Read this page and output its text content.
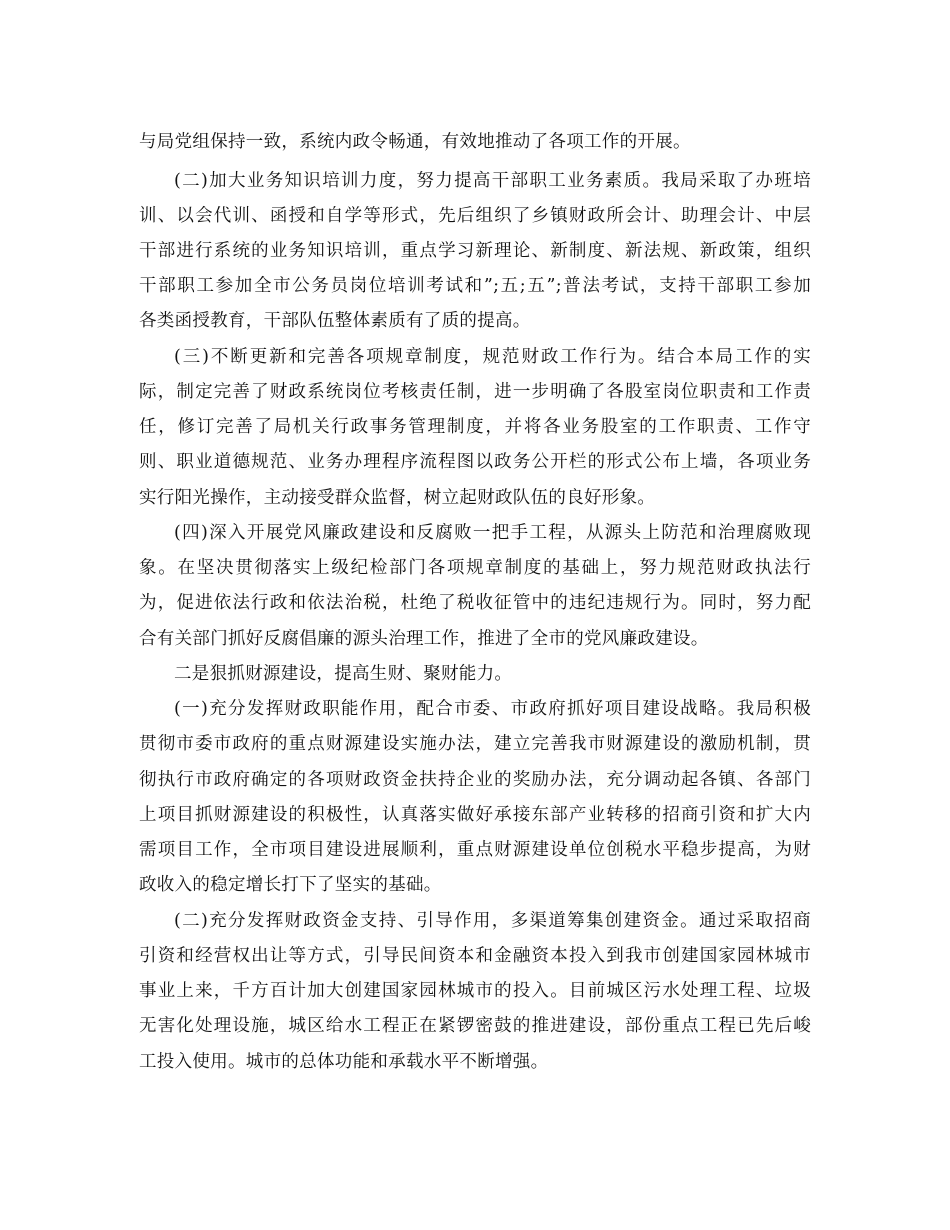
与局党组保持一致，系统内政令畅通，有效地推动了各项工作的开展。
(二)加大业务知识培训力度，努力提高干部职工业务素质。我局采取了办班培
训、以会代训、函授和自学等形式，先后组织了乡镇财政所会计、助理会计、中层
干部进行系统的业务知识培训，重点学习新理论、新制度、新法规、新政策，组织
干部职工参加全市公务员岗位培训考试和”;五;五”;普法考试，支持干部职工参加
各类函授教育，干部队伍整体素质有了质的提高。
(三)不断更新和完善各项规章制度，规范财政工作行为。结合本局工作的实
际，制定完善了财政系统岗位考核责任制，进一步明确了各股室岗位职责和工作责
任，修订完善了局机关行政事务管理制度，并将各业务股室的工作职责、工作守
则、职业道德规范、业务办理程序流程图以政务公开栏的形式公布上墙，各项业务
实行阳光操作，主动接受群众监督，树立起财政队伍的良好形象。
(四)深入开展党风廉政建设和反腐败一把手工程，从源头上防范和治理腐败现
象。在坚决贯彻落实上级纪检部门各项规章制度的基础上，努力规范财政执法行
为，促进依法行政和依法治税，杜绝了税收征管中的违纪违规行为。同时，努力配
合有关部门抓好反腐倡廉的源头治理工作，推进了全市的党风廉政建设。
二是狠抓财源建设，提高生财、聚财能力。
(一)充分发挥财政职能作用，配合市委、市政府抓好项目建设战略。我局积极
贯彻市委市政府的重点财源建设实施办法，建立完善我市财源建设的激励机制，贯
彻执行市政府确定的各项财政资金扶持企业的奖励办法，充分调动起各镇、各部门
上项目抓财源建设的积极性，认真落实做好承接东部产业转移的招商引资和扩大内
需项目工作，全市项目建设进展顺利，重点财源建设单位创税水平稳步提高，为财
政收入的稳定增长打下了坚实的基础。
(二)充分发挥财政资金支持、引导作用，多渠道筹集创建资金。通过采取招商
引资和经营权出让等方式，引导民间资本和金融资本投入到我市创建国家园林城市
事业上来，千方百计加大创建国家园林城市的投入。目前城区污水处理工程、垃圾
无害化处理设施，城区给水工程正在紧锣密鼓的推进建设，部份重点工程已先后峻
工投入使用。城市的总体功能和承载水平不断增强。
